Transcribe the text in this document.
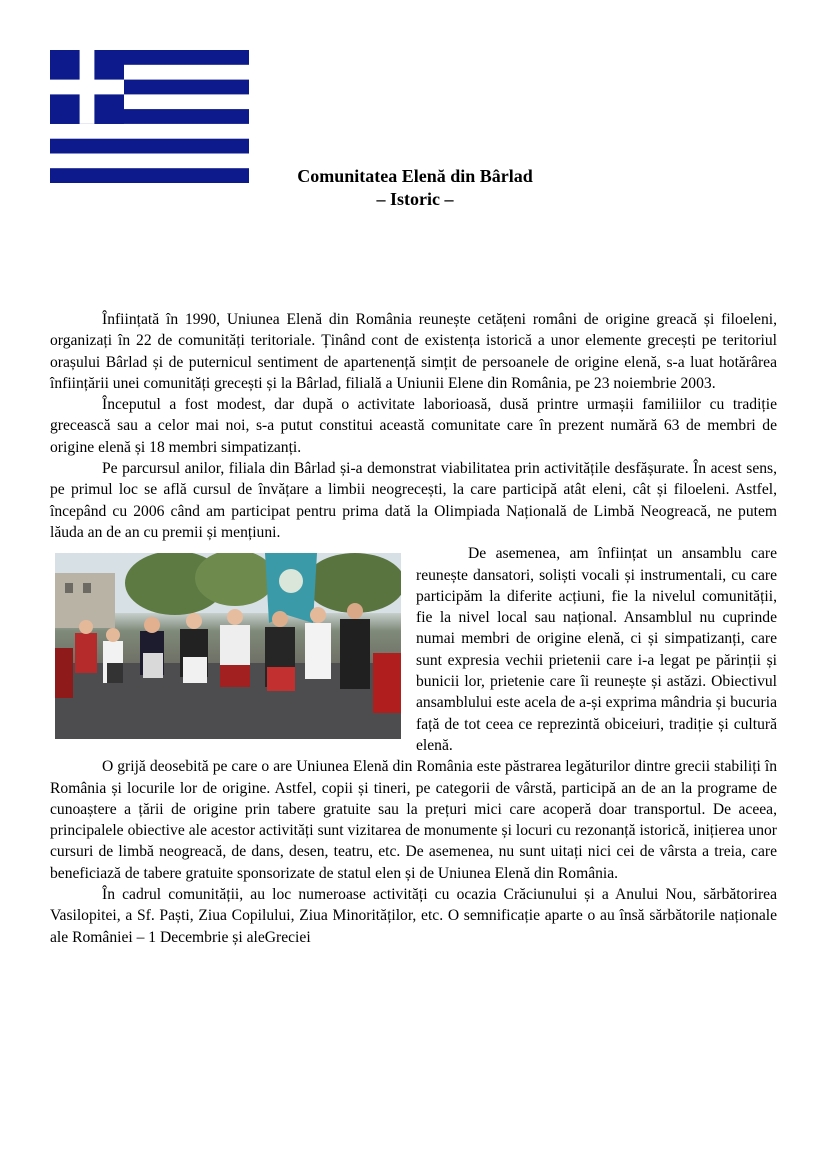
Comunitatea Elenă din Bârlad
– Istoric –

Înființată în 1990, Uniunea Elenă din România reunește cetățeni români de origine greacă și filoeleni, organizați în 22 de comunități teritoriale. Ținând cont de existența istorică a unor elemente grecești pe teritoriul orașului Bârlad și de puternicul sentiment de apartenență simțit de persoanele de origine elenă, s-a luat hotărârea înființării unei comunități grecești și la Bârlad, filială a Uniunii Elene din România, pe 23 noiembrie 2003.

Începutul a fost modest, dar după o activitate laborioasă, dusă printre urmașii familiilor cu tradiție grecească sau a celor mai noi, s-a putut constitui această comunitate care în prezent numără 63 de membri de origine elenă și 18 membri simpatizanți.

Pe parcursul anilor, filiala din Bârlad și-a demonstrat viabilitatea prin activitățile desfășurate. În acest sens, pe primul loc se află cursul de învățare a limbii neogrecești, la care participă atât eleni, cât și filoeleni. Astfel, începând cu 2006 când am participat pentru prima dată la Olimpiada Națională de Limbă Neogreacă, ne putem lăuda an de an cu premii și mențiuni.

De asemenea, am înființat un ansamblu care reunește dansatori, soliști vocali și instrumentali, cu care participăm la diferite acțiuni, fie la nivelul comunității, fie la nivel local sau național. Ansamblul nu cuprinde numai membri de origine elenă, ci și simpatizanți, care sunt expresia vechii prietenii care i-a legat pe părinții și bunicii lor, prietenie care îi reunește și astăzi. Obiectivul ansamblului este acela de a-și exprima mândria și bucuria față de tot ceea ce reprezintă obiceiuri, tradiție și cultură elenă.

O grijă deosebită pe care o are Uniunea Elenă din România este păstrarea legăturilor dintre grecii stabiliți în România și locurile lor de origine. Astfel, copii și tineri, pe categorii de vârstă, participă an de an la programe de cunoaștere a țării de origine prin tabere gratuite sau la prețuri mici care acoperă doar transportul. De aceea, principalele obiective ale acestor activități sunt vizitarea de monumente și locuri cu rezonanță istorică, inițierea unor cursuri de limbă neogreacă, de dans, desen, teatru, etc. De asemenea, nu sunt uitați nici cei de vârsta a treia, care beneficiază de tabere gratuite sponsorizate de statul elen și de Uniunea Elenă din România.

În cadrul comunității, au loc numeroase activități cu ocazia Crăciunului și a Anului Nou, sărbătorirea Vasilopitei, a Sf. Paști, Ziua Copilului, Ziua Minorităților, etc. O semnificație aparte o au însă sărbătorile naționale ale României – 1 Decembrie și aleGreciei
